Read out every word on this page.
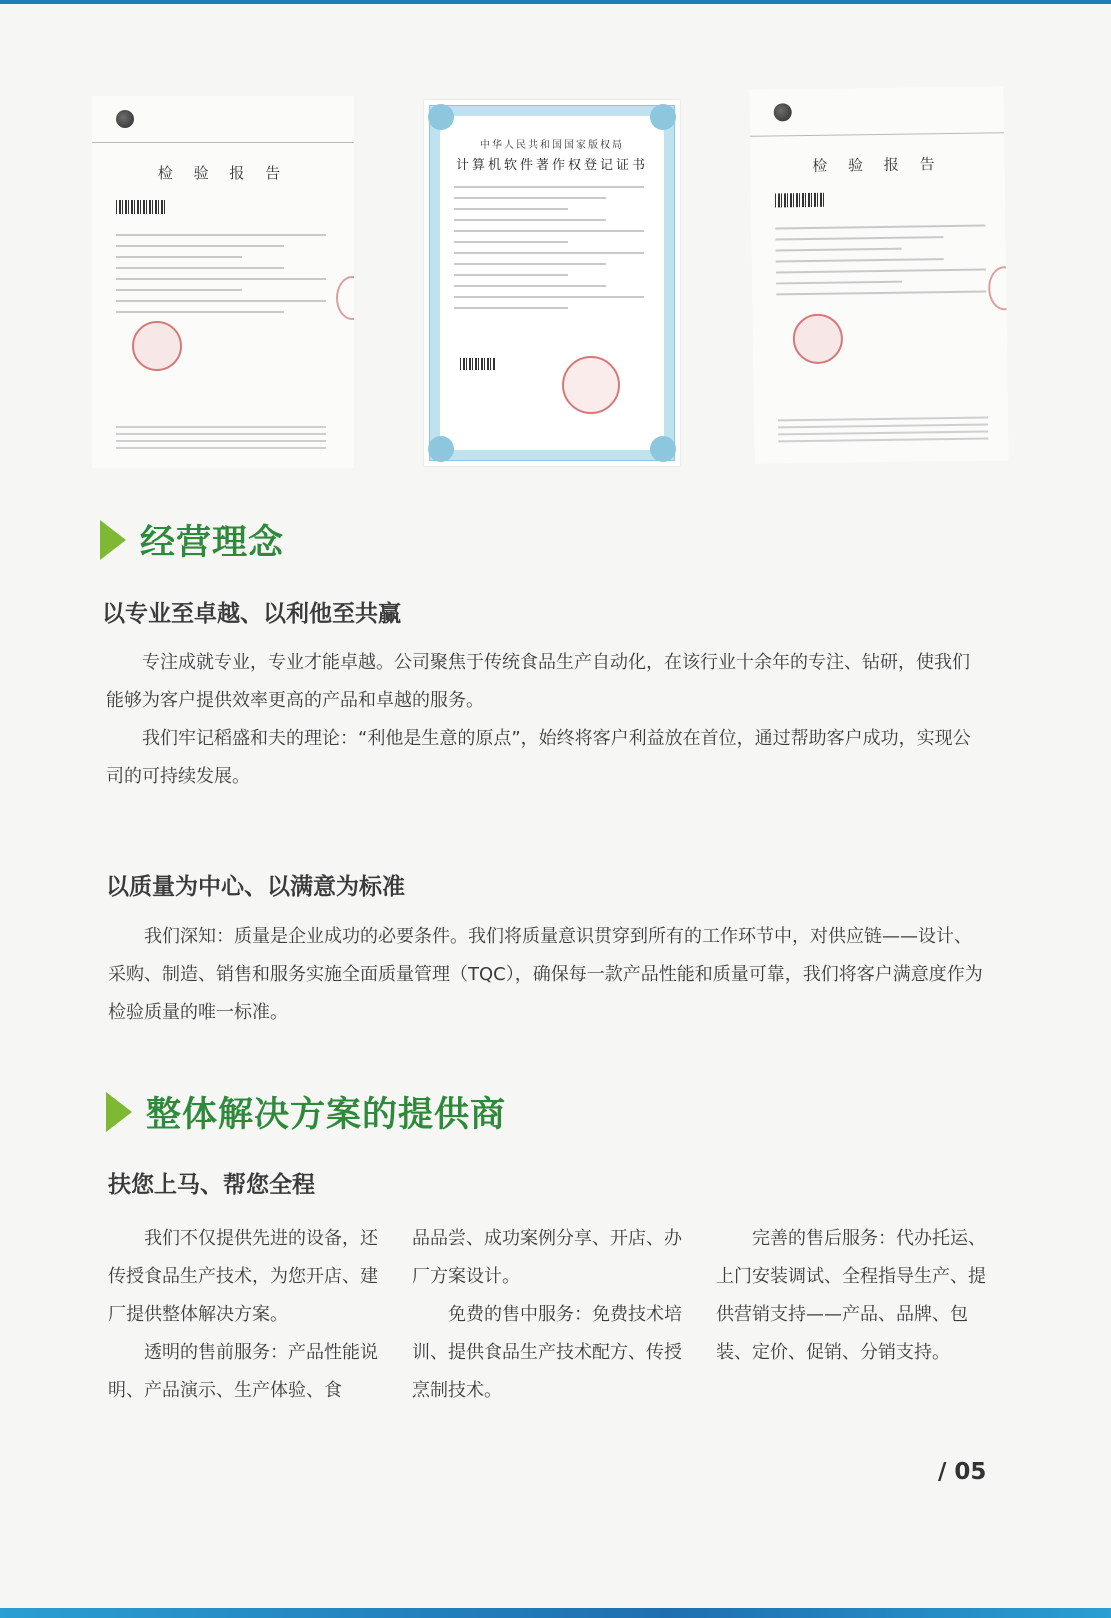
检 验 报 告
中华人民共和国国家版权局
计算机软件著作权登记证书	检 验 报 告
经营理念
以专业至卓越、以利他至共赢
专注成就专业，专业才能卓越。公司聚焦于传统食品生产自动化，在该行业十余年的专注、钻研，使我们能够为客户提供效率更高的产品和卓越的服务。
我们牢记稻盛和夫的理论：“利他是生意的原点”，始终将客户利益放在首位，通过帮助客户成功，实现公司的可持续发展。
以质量为中心、以满意为标准
我们深知：质量是企业成功的必要条件。我们将质量意识贯穿到所有的工作环节中，对供应链——设计、采购、制造、销售和服务实施全面质量管理（TQC），确保每一款产品性能和质量可靠，我们将客户满意度作为检验质量的唯一标准。
整体解决方案的提供商
扶您上马、帮您全程
我们不仅提供先进的设备，还传授食品生产技术，为您开店、建厂提供整体解决方案。
透明的售前服务：产品性能说明、产品演示、生产体验、食
品品尝、成功案例分享、开店、办厂方案设计。
免费的售中服务：免费技术培训、提供食品生产技术配方、传授烹制技术。
完善的售后服务：代办托运、上门安装调试、全程指导生产、提供营销支持——产品、品牌、包装、定价、促销、分销支持。
/ 05
